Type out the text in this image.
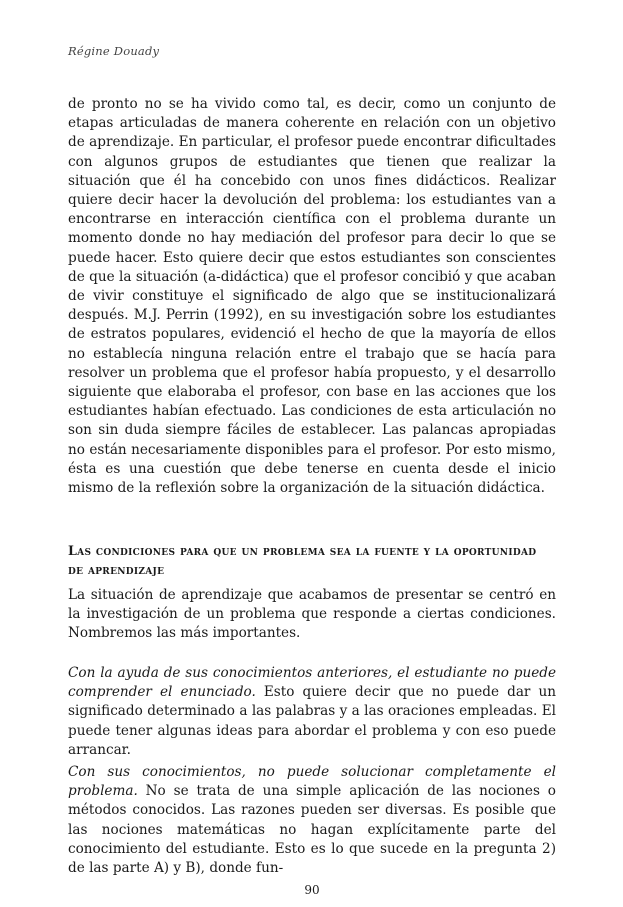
Régine Douady

de pronto no se ha vivido como tal, es decir, como un conjunto de etapas articuladas de manera coherente en relación con un objetivo de aprendizaje. En particular, el profesor puede encontrar dificultades con algunos grupos de estudiantes que tienen que realizar la situación que él ha concebido con unos fines didácticos. Realizar quiere decir hacer la devolución del problema: los estudiantes van a encontrarse en interacción científica con el problema durante un momento donde no hay mediación del profesor para decir lo que se puede hacer. Esto quiere decir que estos estudiantes son conscientes de que la situación (a-didáctica) que el profesor concibió y que acaban de vivir constituye el significado de algo que se institucionalizará después. M.J. Perrin (1992), en su investigación sobre los estudiantes de estratos populares, evidenció el hecho de que la mayoría de ellos no establecía ninguna relación entre el trabajo que se hacía para resolver un problema que el profesor había propuesto, y el desarrollo siguiente que elaboraba el profesor, con base en las acciones que los estudiantes habían efectuado. Las condiciones de esta articulación no son sin duda siempre fáciles de establecer. Las palancas apropiadas no están necesariamente disponibles para el profesor. Por esto mismo, ésta es una cuestión que debe tenerse en cuenta desde el inicio mismo de la reflexión sobre la organización de la situación didáctica.

Las condiciones para que un problema sea la fuente y la oportunidad de aprendizaje

La situación de aprendizaje que acabamos de presentar se centró en la investigación de un problema que responde a ciertas condiciones. Nombremos las más importantes.

Con la ayuda de sus conocimientos anteriores, el estudiante no puede comprender el enunciado. Esto quiere decir que no puede dar un significado determinado a las palabras y a las oraciones empleadas. El puede tener algunas ideas para abordar el problema y con eso puede arrancar.

Con sus conocimientos, no puede solucionar completamente el problema. No se trata de una simple aplicación de las nociones o métodos conocidos. Las razones pueden ser diversas. Es posible que las nociones matemáticas no hagan explícitamente parte del conocimiento del estudiante. Esto es lo que sucede en la pregunta 2) de las parte A) y B), donde fun-

90
